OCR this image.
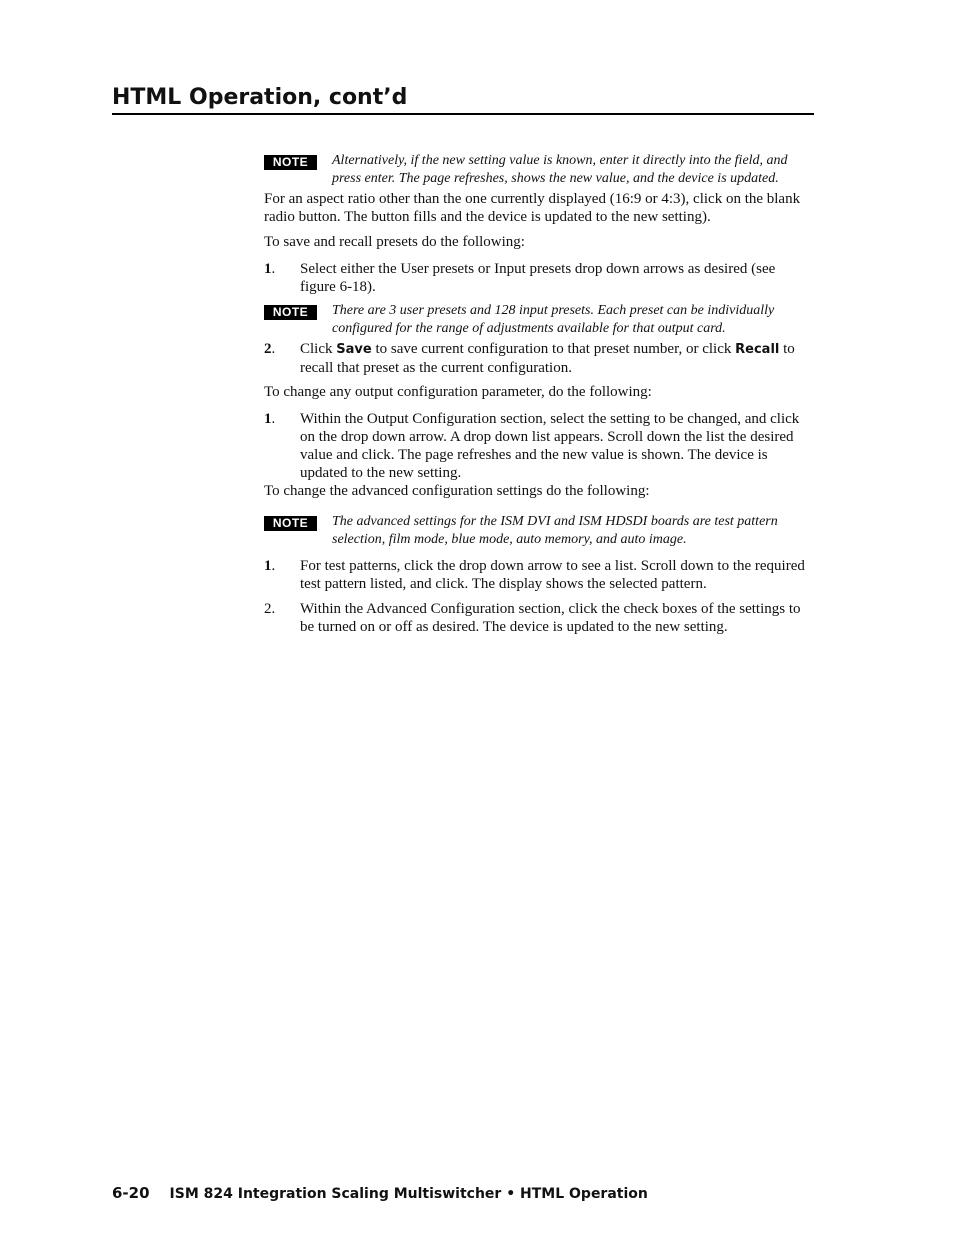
HTML Operation, cont’d
NOTE	Alternatively, if the new setting value is known, enter it directly into the field, and press enter. The page refreshes, shows the new value, and the device is updated.

For an aspect ratio other than the one currently displayed (16:9 or 4:3), click on the blank radio button. The button fills and the device is updated to the new setting).

To save and recall presets do the following:

1. Select either the User presets or Input presets drop down arrows as desired (see figure 6-18).
NOTE	There are 3 user presets and 128 input presets. Each preset can be individually configured for the range of adjustments available for that output card.
2. Click Save to save current configuration to that preset number, or click Recall to recall that preset as the current configuration.

To change any output configuration parameter, do the following:

1. Within the Output Configuration section, select the setting to be changed, and click on the drop down arrow. A drop down list appears. Scroll down the list the desired value and click. The page refreshes and the new value is shown. The device is updated to the new setting.

To change the advanced configuration settings do the following:

NOTE	The advanced settings for the ISM DVI and ISM HDSDI boards are test pattern selection, film mode, blue mode, auto memory, and auto image.
1. For test patterns, click the drop down arrow to see a list. Scroll down to the required test pattern listed, and click. The display shows the selected pattern.
2. Within the Advanced Configuration section, click the check boxes of the settings to be turned on or off as desired. The device is updated to the new setting.
6-20 ISM 824 Integration Scaling Multiswitcher • HTML Operation
